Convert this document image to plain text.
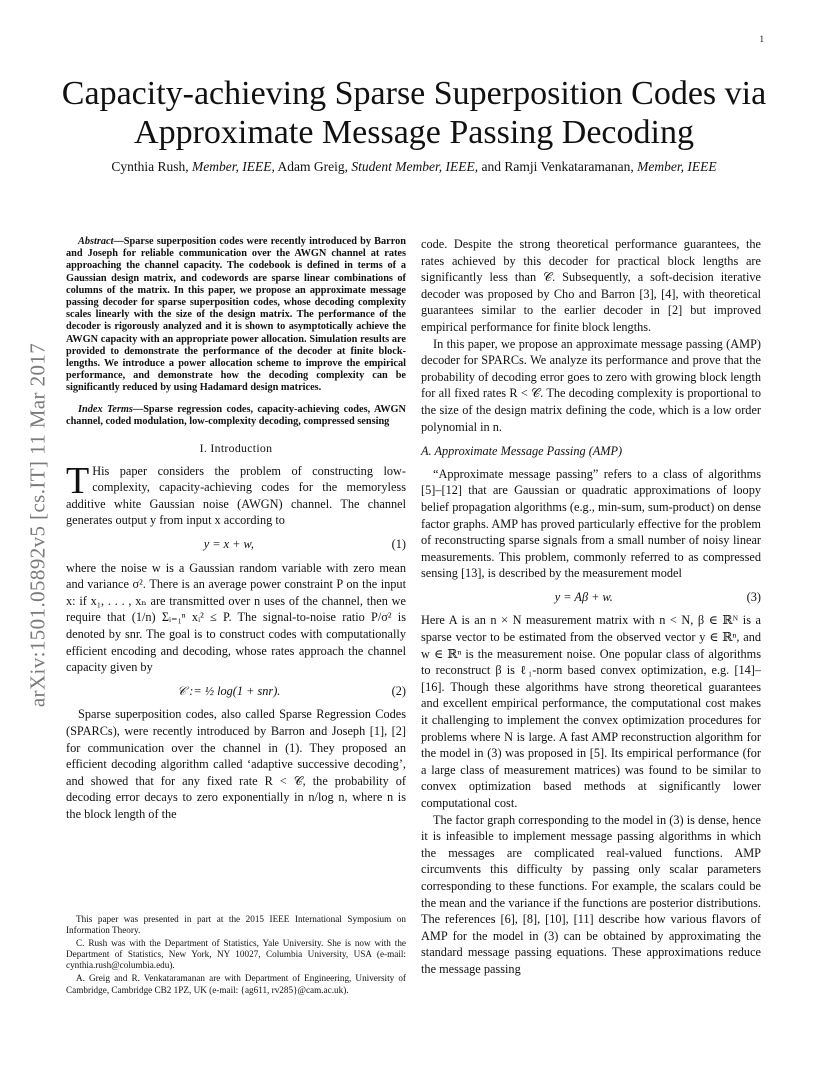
1
arXiv:1501.05892v5 [cs.IT] 11 Mar 2017
Capacity-achieving Sparse Superposition Codes via
Approximate Message Passing Decoding

Cynthia Rush, Member, IEEE, Adam Greig, Student Member, IEEE, and Ramji Venkataramanan, Member, IEEE

Abstract—Sparse superposition codes were recently introduced by Barron and Joseph for reliable communication over the AWGN channel at rates approaching the channel capacity. The codebook is defined in terms of a Gaussian design matrix, and codewords are sparse linear combinations of columns of the matrix. In this paper, we propose an approximate message passing decoder for sparse superposition codes, whose decoding complexity scales linearly with the size of the design matrix. The performance of the decoder is rigorously analyzed and it is shown to asymptotically achieve the AWGN capacity with an appropriate power allocation. Simulation results are provided to demonstrate the performance of the decoder at finite block-lengths. We introduce a power allocation scheme to improve the empirical performance, and demonstrate how the decoding complexity can be significantly reduced by using Hadamard design matrices.

Index Terms—Sparse regression codes, capacity-achieving codes, AWGN channel, coded modulation, low-complexity decoding, compressed sensing

I. Introduction

T His paper considers the problem of constructing low-complexity, capacity-achieving codes for the memoryless additive white Gaussian noise (AWGN) channel. The channel generates output y from input x according to

y = x + w,	(1)

where the noise w is a Gaussian random variable with zero mean and variance σ². There is an average power constraint P on the input x: if x₁, . . . , xₙ are transmitted over n uses of the channel, then we require that (1/n) Σᵢ₌₁ⁿ xᵢ² ≤ P. The signal-to-noise ratio P/σ² is denoted by snr. The goal is to construct codes with computationally efficient encoding and decoding, whose rates approach the channel capacity given by

𝒞 := ½ log(1 + snr).	(2)

Sparse superposition codes, also called Sparse Regression Codes (SPARCs), were recently introduced by Barron and Joseph [1], [2] for communication over the channel in (1). They proposed an efficient decoding algorithm called ‘adaptive successive decoding’, and showed that for any fixed rate R < 𝒞, the probability of decoding error decays to zero exponentially in n/log n, where n is the block length of the

This paper was presented in part at the 2015 IEEE International Symposium on Information Theory.

C. Rush was with the Department of Statistics, Yale University. She is now with the Department of Statistics, New York, NY 10027, Columbia University, USA (e-mail: cynthia.rush@columbia.edu).

A. Greig and R. Venkataramanan are with Department of Engineering, University of Cambridge, Cambridge CB2 1PZ, UK (e-mail: {ag611, rv285}@cam.ac.uk).

code. Despite the strong theoretical performance guarantees, the rates achieved by this decoder for practical block lengths are significantly less than 𝒞. Subsequently, a soft-decision iterative decoder was proposed by Cho and Barron [3], [4], with theoretical guarantees similar to the earlier decoder in [2] but improved empirical performance for finite block lengths.

In this paper, we propose an approximate message passing (AMP) decoder for SPARCs. We analyze its performance and prove that the probability of decoding error goes to zero with growing block length for all fixed rates R < 𝒞. The decoding complexity is proportional to the size of the design matrix defining the code, which is a low order polynomial in n.

A. Approximate Message Passing (AMP)

“Approximate message passing” refers to a class of algorithms [5]–[12] that are Gaussian or quadratic approximations of loopy belief propagation algorithms (e.g., min-sum, sum-product) on dense factor graphs. AMP has proved particularly effective for the problem of reconstructing sparse signals from a small number of noisy linear measurements. This problem, commonly referred to as compressed sensing [13], is described by the measurement model

y = Aβ + w.	(3)

Here A is an n × N measurement matrix with n < N, β ∈ ℝᴺ is a sparse vector to be estimated from the observed vector y ∈ ℝⁿ, and w ∈ ℝⁿ is the measurement noise. One popular class of algorithms to reconstruct β is ℓ₁-norm based convex optimization, e.g. [14]–[16]. Though these algorithms have strong theoretical guarantees and excellent empirical performance, the computational cost makes it challenging to implement the convex optimization procedures for problems where N is large. A fast AMP reconstruction algorithm for the model in (3) was proposed in [5]. Its empirical performance (for a large class of measurement matrices) was found to be similar to convex optimization based methods at significantly lower computational cost.

The factor graph corresponding to the model in (3) is dense, hence it is infeasible to implement message passing algorithms in which the messages are complicated real-valued functions. AMP circumvents this difficulty by passing only scalar parameters corresponding to these functions. For example, the scalars could be the mean and the variance if the functions are posterior distributions. The references [6], [8], [10], [11] describe how various flavors of AMP for the model in (3) can be obtained by approximating the standard message passing equations. These approximations reduce the message passing
